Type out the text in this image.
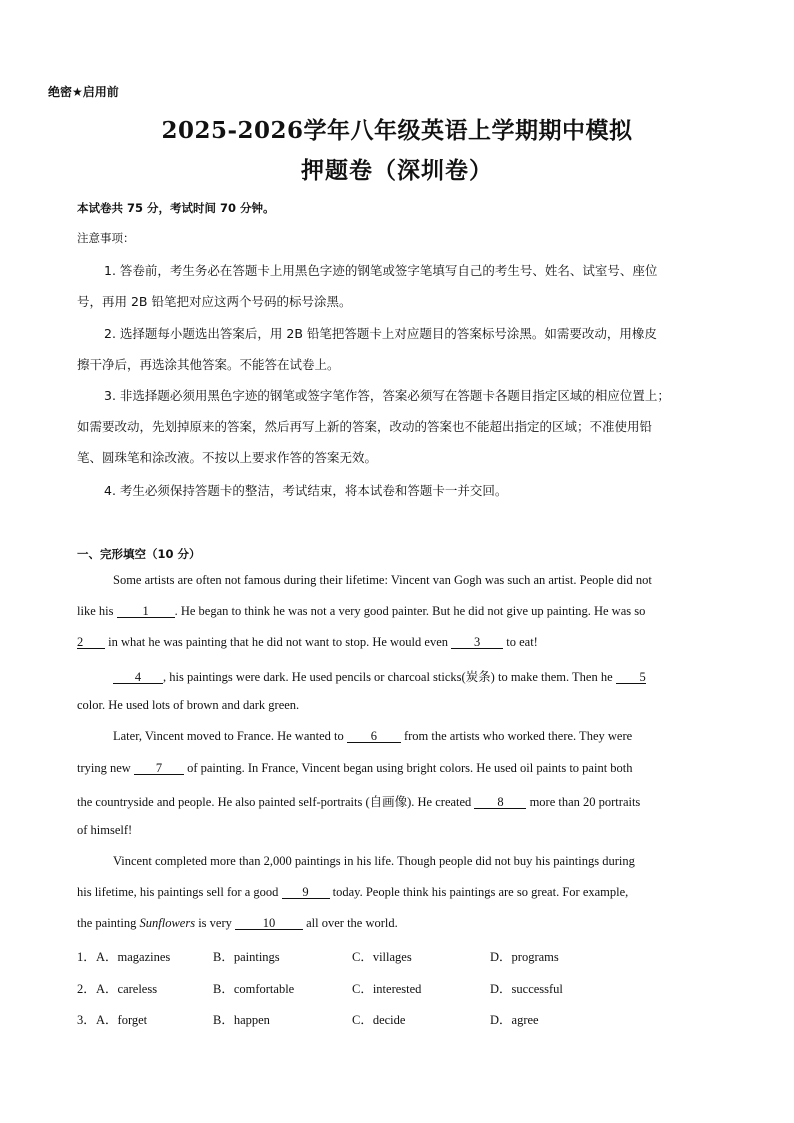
绝密★启用前
2025-2026学年八年级英语上学期期中模拟
押题卷（深圳卷）
本试卷共 75 分，考试时间 70 分钟。
注意事项：
1. 答卷前，考生务必在答题卡上用黑色字迹的钢笔或签字笔填写自己的考生号、姓名、试室号、座位
号，再用 2B 铅笔把对应这两个号码的标号涂黑。
2. 选择题每小题选出答案后，用 2B 铅笔把答题卡上对应题目的答案标号涂黑。如需要改动，用橡皮
擦干净后，再选涂其他答案。不能答在试卷上。
3. 非选择题必须用黑色字迹的钢笔或签字笔作答，答案必须写在答题卡各题目指定区域的相应位置上；
如需要改动，先划掉原来的答案，然后再写上新的答案，改动的答案也不能超出指定的区域；不准使用铅
笔、圆珠笔和涂改液。不按以上要求作答的答案无效。
4. 考生必须保持答题卡的整洁，考试结束，将本试卷和答题卡一并交回。
一、完形填空（10 分）
Some artists are often not famous during their lifetime: Vincent van Gogh was such an artist. People did not
like his 1 . He began to think he was not a very good painter. But he did not give up painting. He was so
2 in what he was painting that he did not want to stop. He would even 3 to eat!
4 , his paintings were dark. He used pencils or charcoal sticks(炭条) to make them. Then he 5
color. He used lots of brown and dark green.
Later, Vincent moved to France. He wanted to 6 from the artists who worked there. They were
trying new 7 of painting. In France, Vincent began using bright colors. He used oil paints to paint both
the countryside and people. He also painted self-portraits (自画像). He created 8 more than 20 portraits
of himself!
Vincent completed more than 2,000 paintings in his life. Though people did not buy his paintings during
his lifetime, his paintings sell for a good 9 today. People think his paintings are so great. For example,
the painting Sunflowers is very 10 all over the world.
1． A．magazines	B．paintings	C．villages	D．programs
2． A．careless	B．comfortable	C．interested	D．successful
3． A．forget	B．happen	C．decide	D．agree
